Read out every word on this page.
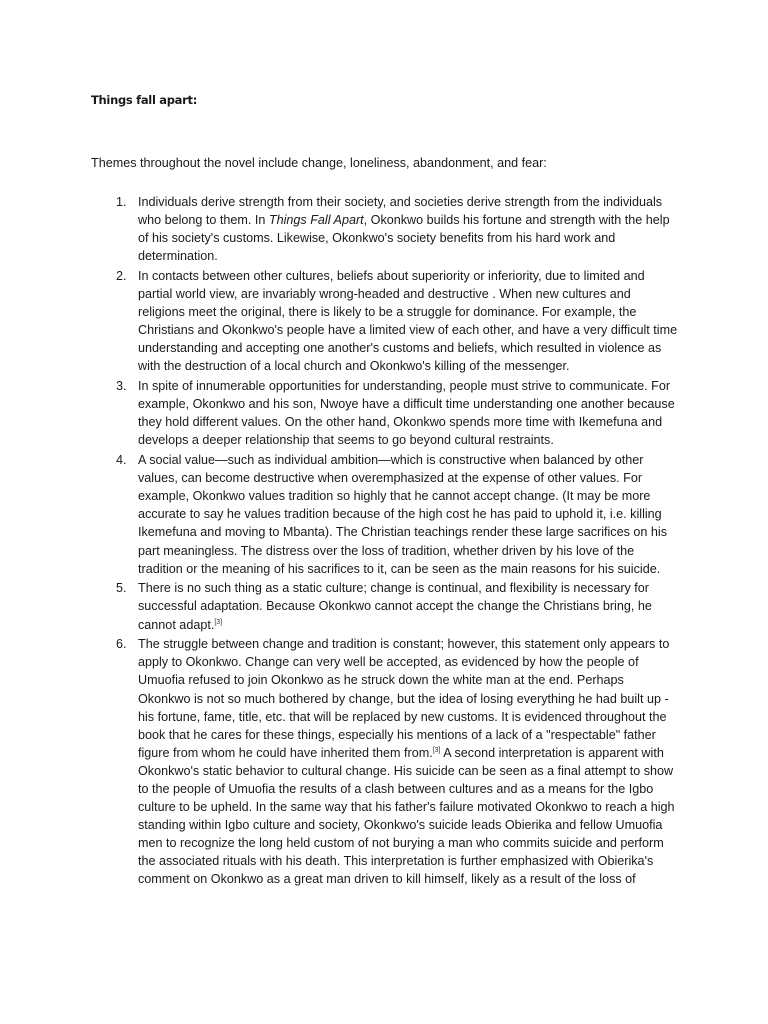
Things fall apart:

Themes throughout the novel include change, loneliness, abandonment, and fear:

1. Individuals derive strength from their society, and societies derive strength from the individuals
who belong to them. In Things Fall Apart, Okonkwo builds his fortune and strength with the help
of his society's customs. Likewise, Okonkwo's society benefits from his hard work and
determination.
2. In contacts between other cultures, beliefs about superiority or inferiority, due to limited and
partial world view, are invariably wrong-headed and destructive . When new cultures and
religions meet the original, there is likely to be a struggle for dominance. For example, the
Christians and Okonkwo's people have a limited view of each other, and have a very difficult time
understanding and accepting one another's customs and beliefs, which resulted in violence as
with the destruction of a local church and Okonkwo's killing of the messenger.
3. In spite of innumerable opportunities for understanding, people must strive to communicate. For
example, Okonkwo and his son, Nwoye have a difficult time understanding one another because
they hold different values. On the other hand, Okonkwo spends more time with Ikemefuna and
develops a deeper relationship that seems to go beyond cultural restraints.
4. A social value—such as individual ambition—which is constructive when balanced by other
values, can become destructive when overemphasized at the expense of other values. For
example, Okonkwo values tradition so highly that he cannot accept change. (It may be more
accurate to say he values tradition because of the high cost he has paid to uphold it, i.e. killing
Ikemefuna and moving to Mbanta). The Christian teachings render these large sacrifices on his
part meaningless. The distress over the loss of tradition, whether driven by his love of the
tradition or the meaning of his sacrifices to it, can be seen as the main reasons for his suicide.
5. There is no such thing as a static culture; change is continual, and flexibility is necessary for
successful adaptation. Because Okonkwo cannot accept the change the Christians bring, he
cannot adapt.[3]
6. The struggle between change and tradition is constant; however, this statement only appears to
apply to Okonkwo. Change can very well be accepted, as evidenced by how the people of
Umuofia refused to join Okonkwo as he struck down the white man at the end. Perhaps
Okonkwo is not so much bothered by change, but the idea of losing everything he had built up -
his fortune, fame, title, etc. that will be replaced by new customs. It is evidenced throughout the
book that he cares for these things, especially his mentions of a lack of a "respectable" father
figure from whom he could have inherited them from.[3] A second interpretation is apparent with
Okonkwo's static behavior to cultural change. His suicide can be seen as a final attempt to show
to the people of Umuofia the results of a clash between cultures and as a means for the Igbo
culture to be upheld. In the same way that his father's failure motivated Okonkwo to reach a high
standing within Igbo culture and society, Okonkwo's suicide leads Obierika and fellow Umuofia
men to recognize the long held custom of not burying a man who commits suicide and perform
the associated rituals with his death. This interpretation is further emphasized with Obierika's
comment on Okonkwo as a great man driven to kill himself, likely as a result of the loss of
